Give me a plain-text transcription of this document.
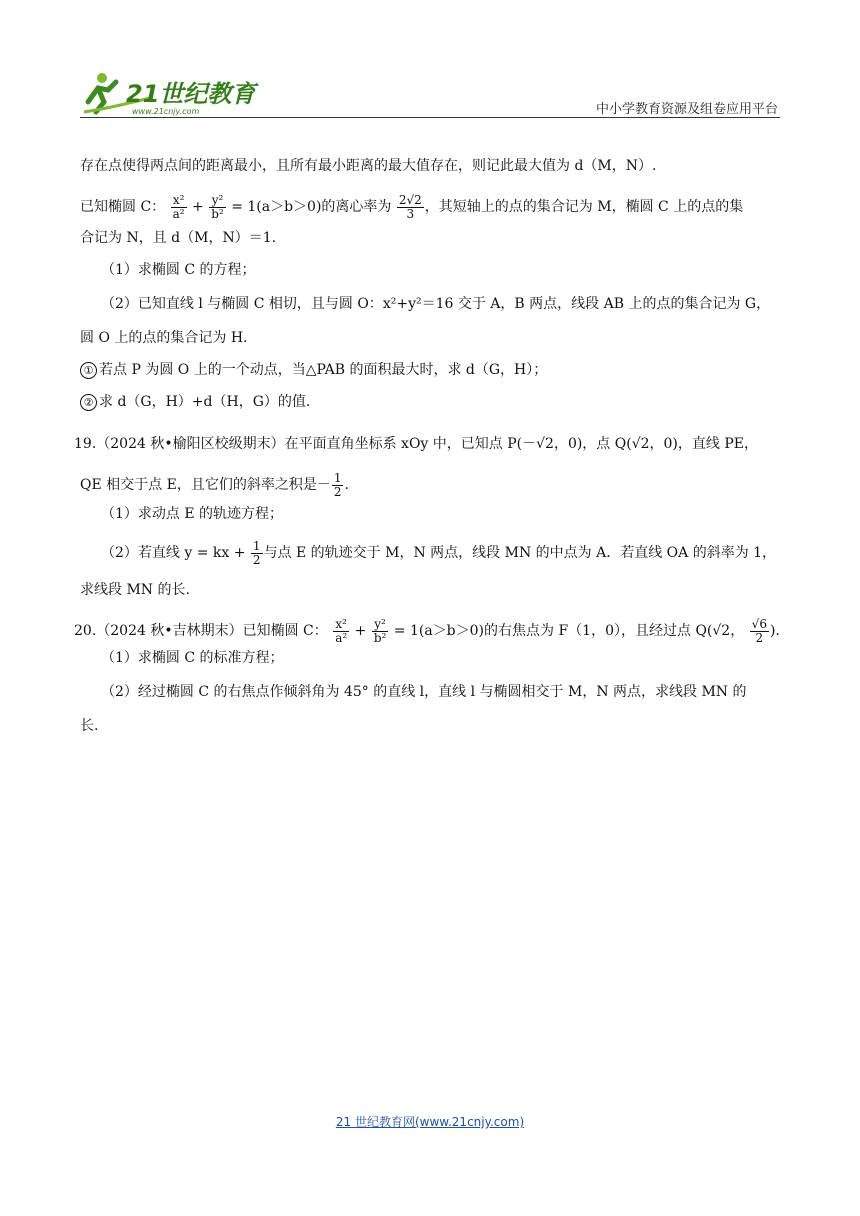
21世纪教育
www.21cnjy.com	中小学教育资源及组卷应用平台
存在点使得两点间的距离最小，且所有最小距离的最大值存在，则记此最大值为 d（M，N）.
已知椭圆 C： $\frac{\text{x²}}{\text{a²}} + \frac{\text{y²}}{\text{b²}} = 1(a>b>0)$的离心率为 $\frac{2√2}{3}$ ，其短轴上的点的集合记为 M，椭圆 C 上的点的集
合记为 N，且 d（M，N）＝1.
（1）求椭圆 C 的方程；
（2）已知直线 l 与椭圆 C 相切，且与圆 O：x²+y²＝16 交于 A，B 两点，线段 AB 上的点的集合记为 G，
圆 O 上的点的集合记为 H.
① 若点 P 为圆 O 上的一个动点，当△PAB 的面积最大时，求 d（G，H）；
② 求 d（G，H）+d（H，G）的值.
19.（2024 秋•榆阳区校级期末）在平面直角坐标系 xOy 中，已知点 P(－√2，0)，点 Q(√2，0)，直线 PE，
QE 相交于点 E，且它们的斜率之积是－ $\frac{1}{2}$ .
（1）求动点 E 的轨迹方程；
（2）若直线 y = kx + $\frac{1}{2}$ 与点 E 的轨迹交于 M，N 两点，线段 MN 的中点为 A．若直线 OA 的斜率为 1，
求线段 MN 的长.
20.（2024 秋•吉林期末）已知椭圆 C： $\frac{\text{x²}}{\text{a²}} + \frac{\text{y²}}{\text{b²}} = 1(a>b>0)$的右焦点为 F（1，0），且经过点 Q(√2， $\frac{√6}{2}$ ).
（1）求椭圆 C 的标准方程；
（2）经过椭圆 C 的右焦点作倾斜角为 45° 的直线 l，直线 l 与椭圆相交于 M，N 两点，求线段 MN 的
长.
21 世纪教育网(www.21cnjy.com)
